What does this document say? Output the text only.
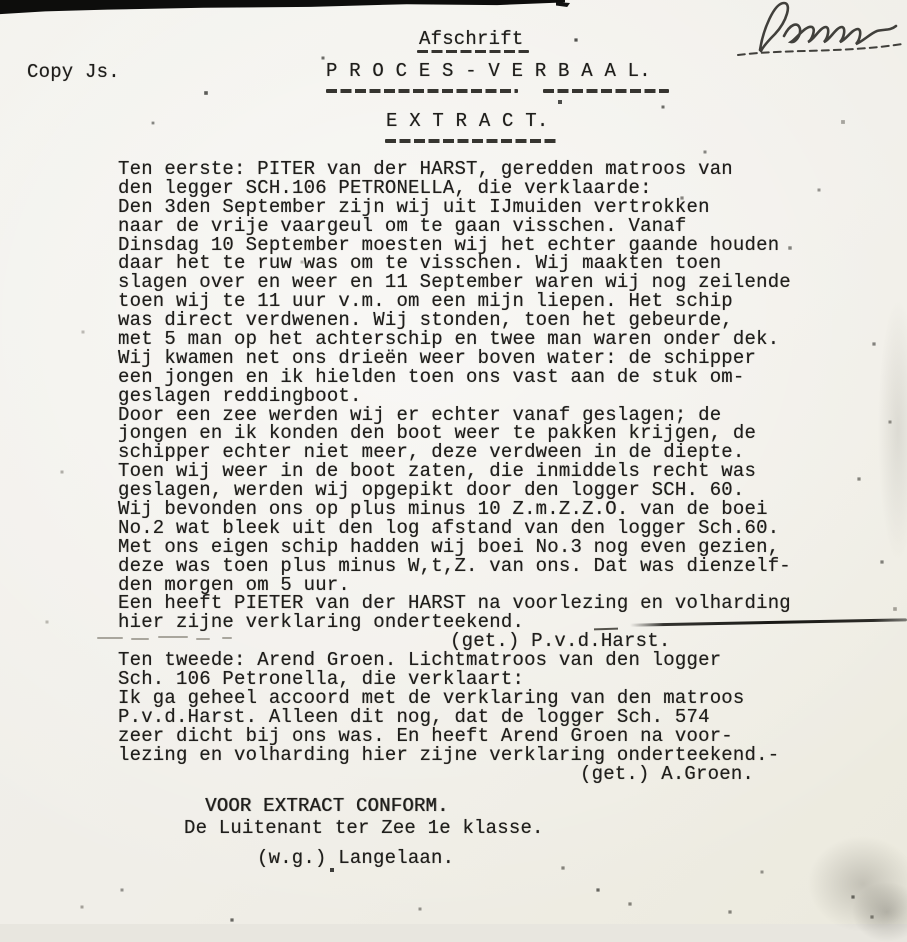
Copy Js.
Afschrift
P R O C E S - V E R B A A L.
E X T R A C T.
Ten eerste: PITER van der HARST, geredden matroos van
den legger SCH.106 PETRONELLA, die verklaarde:
Den 3den September zijn wij uit IJmuiden vertrokken
naar de vrije vaargeul om te gaan visschen. Vanaf
Dinsdag 10 September moesten wij het echter gaande houden
daar het te ruw was om te visschen. Wij maakten toen
slagen over en weer en 11 September waren wij nog zeilende
toen wij te 11 uur v.m. om een mijn liepen. Het schip
was direct verdwenen. Wij stonden, toen het gebeurde,
met 5 man op het achterschip en twee man waren onder dek.
Wij kwamen net ons drieën weer boven water: de schipper
een jongen en ik hielden toen ons vast aan de stuk om-
geslagen reddingboot.
Door een zee werden wij er echter vanaf geslagen; de
jongen en ik konden den boot weer te pakken krijgen, de
schipper echter niet meer, deze verdween in de diepte.
Toen wij weer in de boot zaten, die inmiddels recht was
geslagen, werden wij opgepikt door den logger SCH. 60.
Wij bevonden ons op plus minus 10 Z.m.Z.Z.O. van de boei
No.2 wat bleek uit den log afstand van den logger Sch.60.
Met ons eigen schip hadden wij boei No.3 nog even gezien,
deze was toen plus minus W,t,Z. van ons. Dat was dienzelf-
den morgen om 5 uur.
Een heeft PIETER van der HARST na voorlezing en volharding
hier zijne verklaring onderteekend.
(get.) P.v.d.Harst.
Ten tweede: Arend Groen. Lichtmatroos van den logger
Sch. 106 Petronella, die verklaart:
Ik ga geheel accoord met de verklaring van den matroos
P.v.d.Harst. Alleen dit nog, dat de logger Sch. 574
zeer dicht bij ons was. En heeft Arend Groen na voor-
lezing en volharding hier zijne verklaring onderteekend.-
(get.) A.Groen.
VOOR EXTRACT CONFORM.
De Luitenant ter Zee 1e klasse.
(w.g.) Langelaan.
